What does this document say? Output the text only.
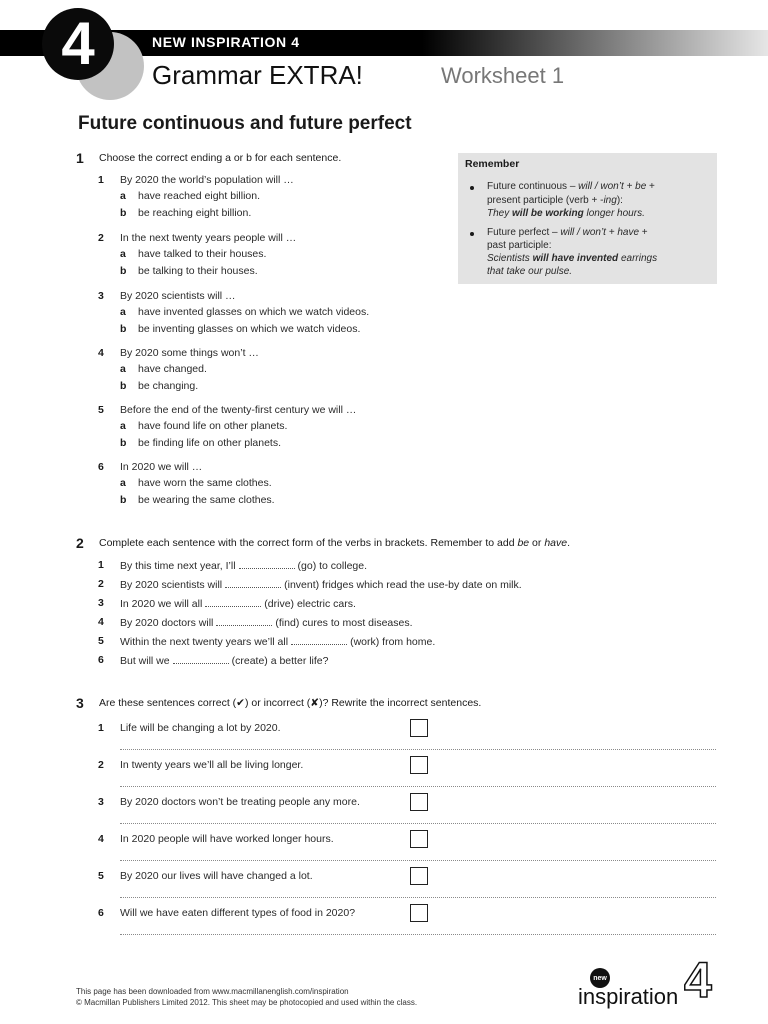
4	NEW INSPIRATION 4
Grammar EXTRA!	Worksheet 1
Future continuous and future perfect
1 Choose the correct ending a or b for each sentence.	Remember
Future continuous – will / won’t + be +
present participle (verb + -ing):
They will be working longer hours.
Future perfect – will / won’t + have +
past participle:
Scientists will have invented earrings
that take our pulse.
2 Complete each sentence with the correct form of the verbs in brackets. Remember to add be or have.
3 Are these sentences correct (✔) or incorrect (✘)? Rewrite the incorrect sentences.
This page has been downloaded from www.macmillanenglish.com/inspiration
© Macmillan Publishers Limited 2012. This sheet may be photocopied and used within the class.
new
inspiration 4
1 By 2020 the world’s population will …
a have reached eight billion.
b be reaching eight billion.
2 In the next twenty years people will …
a have talked to their houses.
b be talking to their houses.
3 By 2020 scientists will …
a have invented glasses on which we watch videos.
b be inventing glasses on which we watch videos.
4 By 2020 some things won’t …
a have changed.
b be changing.
5 Before the end of the twenty-first century we will …
a have found life on other planets.
b be finding life on other planets.
6 In 2020 we will …
a have worn the same clothes.
b be wearing the same clothes.
1 By this time next year, I’ll	(go) to college.
2 By 2020 scientists will	(invent) fridges which read the use-by date on milk.
3 In 2020 we will all	(drive) electric cars.
4 By 2020 doctors will	(find) cures to most diseases.
5 Within the next twenty years we’ll all	(work) from home.
6 But will we	(create) a better life?
1 Life will be changing a lot by 2020.
2 In twenty years we’ll all be living longer.
3 By 2020 doctors won’t be treating people any more.
4 In 2020 people will have worked longer hours.
5 By 2020 our lives will have changed a lot.
6 Will we have eaten different types of food in 2020?
